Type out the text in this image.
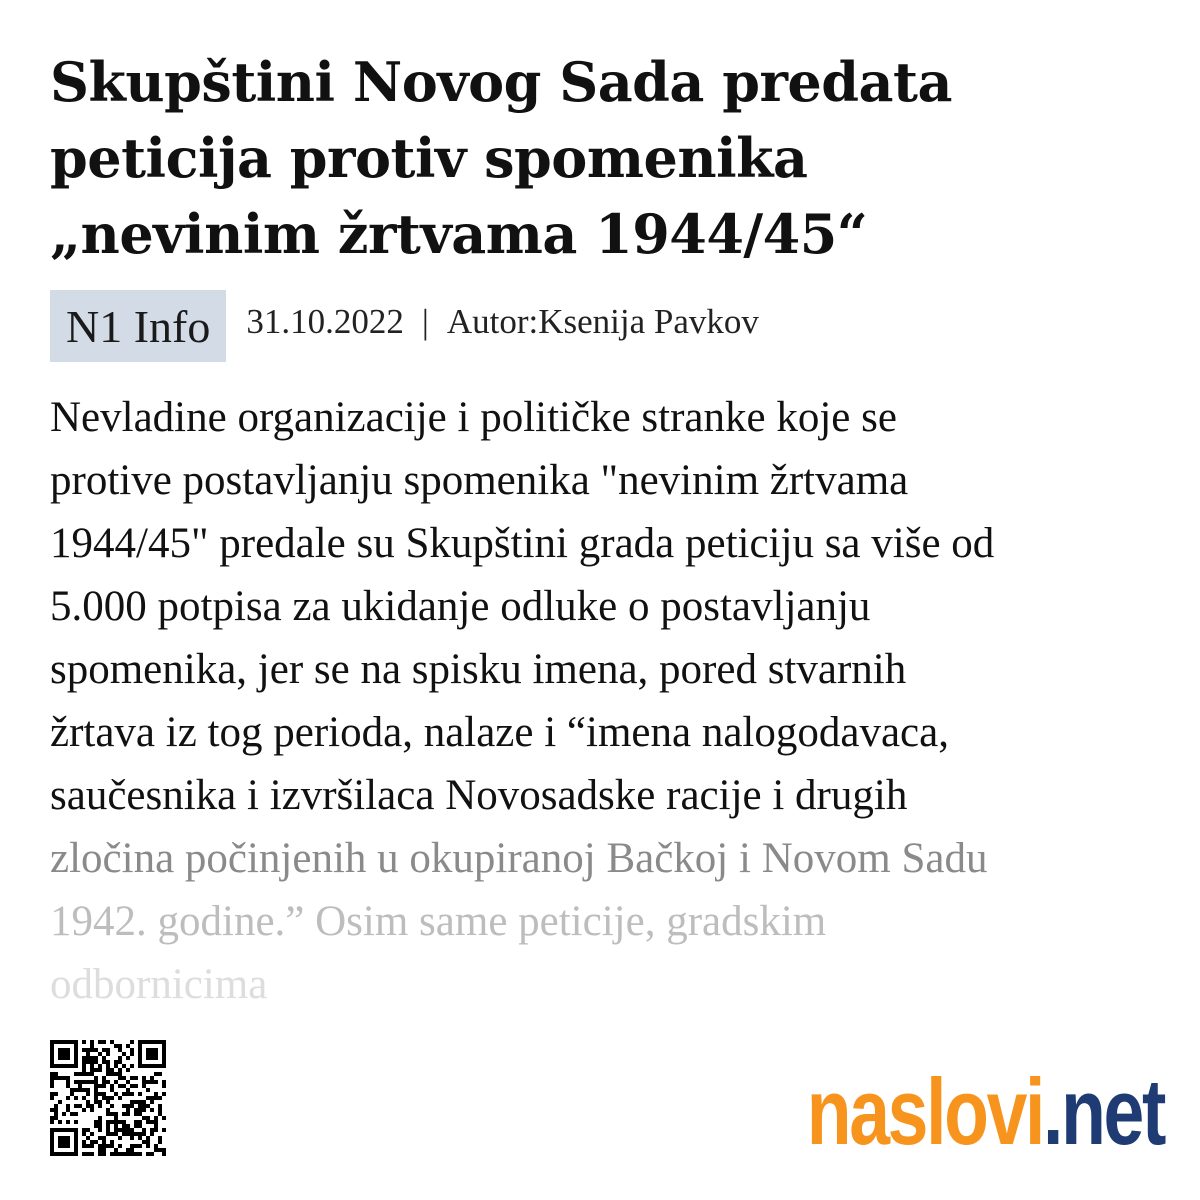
Skupštini Novog Sada predata
peticija protiv spomenika
„nevinim žrtvama 1944/45“
N1 Info	31.10.2022 | Autor:Ksenija Pavkov
Nevladine organizacije i političke stranke koje se
protive postavljanju spomenika "nevinim žrtvama
1944/45" predale su Skupštini grada peticiju sa više od
5.000 potpisa za ukidanje odluke o postavljanju
spomenika, jer se na spisku imena, pored stvarnih
žrtava iz tog perioda, nalaze i “imena nalogodavaca,
saučesnika i izvršilaca Novosadske racije i drugih
zločina počinjenih u okupiranoj Bačkoj i Novom Sadu
1942. godine.” Osim same peticije, gradskim
odbornicima
naslovi.net
